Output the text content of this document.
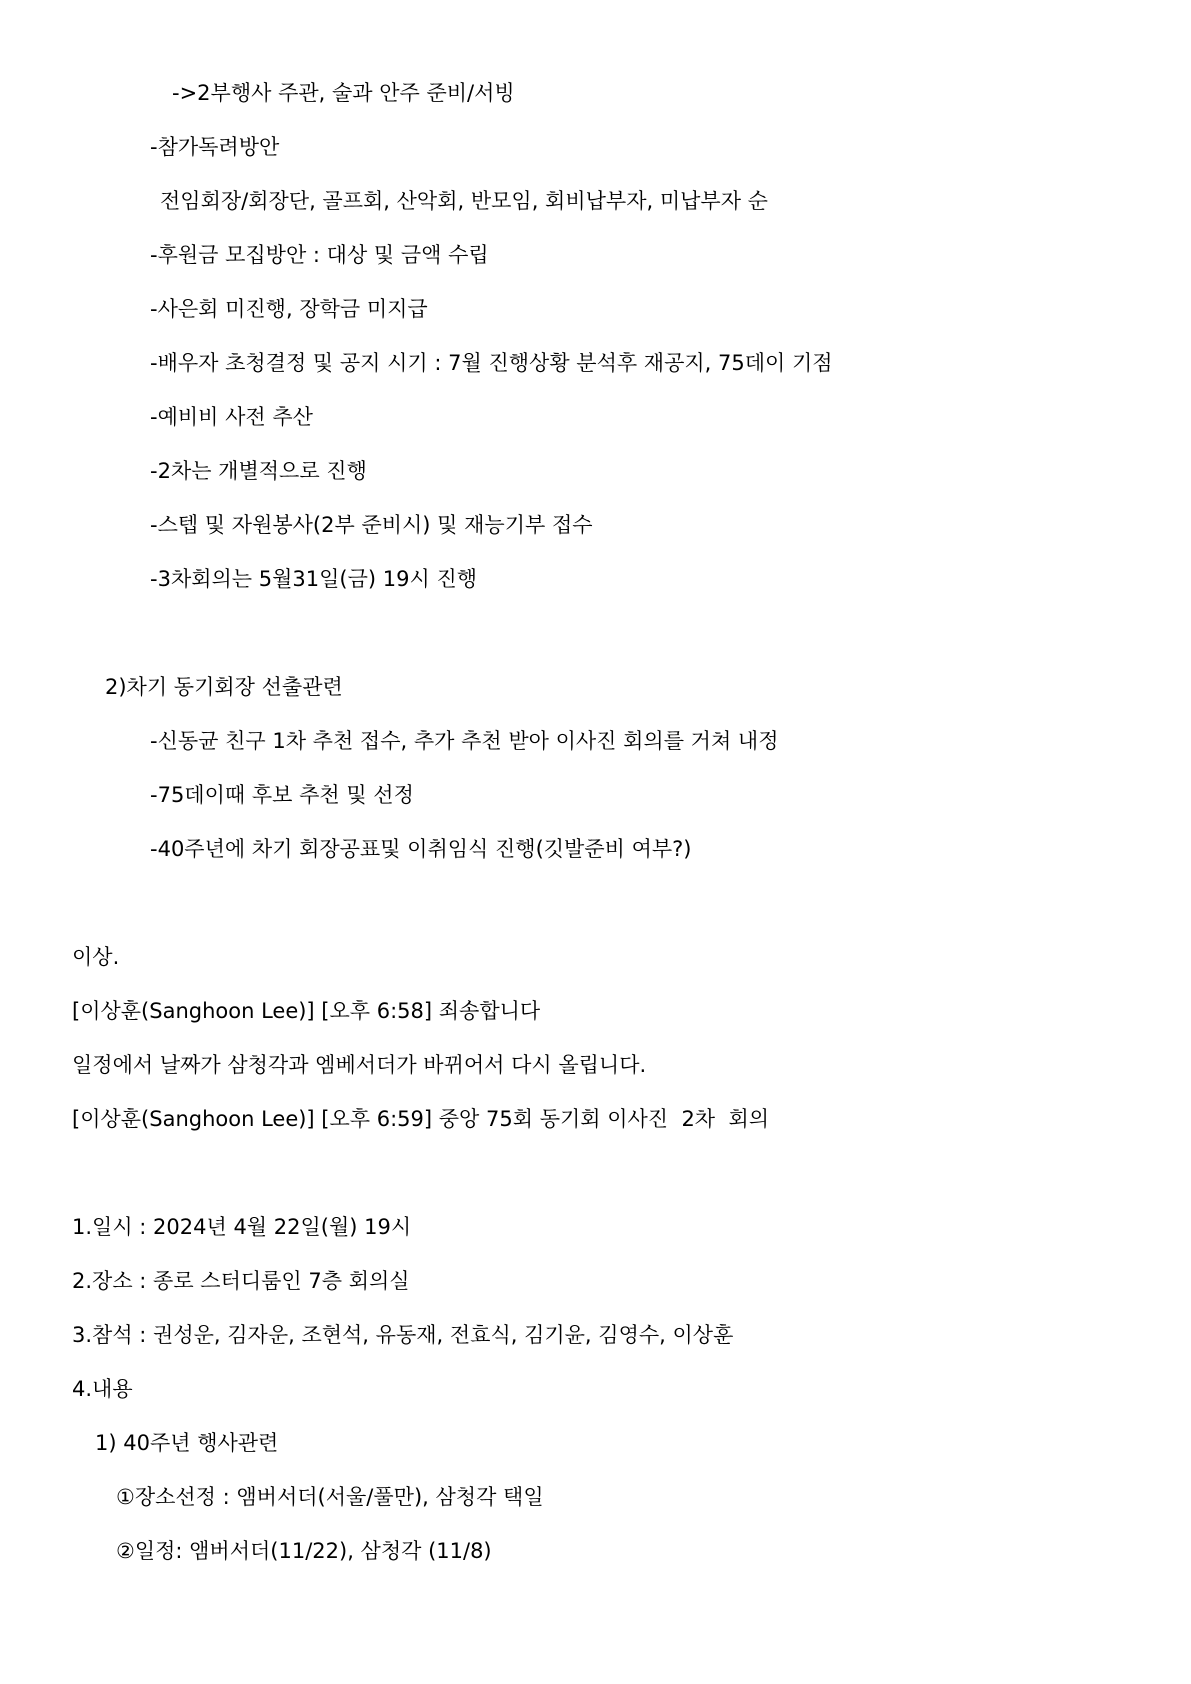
->2부행사 주관, 술과 안주 준비/서빙

-참가독려방안

전임회장/회장단, 골프회, 산악회, 반모임, 회비납부자, 미납부자 순

-후원금 모집방안 : 대상 및 금액 수립

-사은회 미진행, 장학금 미지급

-배우자 초청결정 및 공지 시기 : 7월 진행상황 분석후 재공지, 75데이 기점

-예비비 사전 추산

-2차는 개별적으로 진행

-스텝 및 자원봉사(2부 준비시) 및 재능기부 접수

-3차회의는 5월31일(금) 19시 진행

2)차기 동기회장 선출관련

-신동균 친구 1차 추천 접수, 추가 추천 받아 이사진 회의를 거쳐 내정

-75데이때 후보 추천 및 선정

-40주년에 차기 회장공표및 이취임식 진행(깃발준비 여부?)

이상.

[이상훈(Sanghoon Lee)] [오후 6:58] 죄송합니다

일정에서 날짜가 삼청각과 엠베서더가 바뀌어서 다시 올립니다.

[이상훈(Sanghoon Lee)] [오후 6:59] 중앙 75회 동기회 이사진  2차  회의

1.일시 : 2024년 4월 22일(월) 19시

2.장소 : 종로 스터디룸인 7층 회의실

3.참석 : 권성운, 김자운, 조현석, 유동재, 전효식, 김기윤, 김영수, 이상훈

4.내용

1) 40주년 행사관련

①장소선정 : 앰버서더(서울/풀만), 삼청각 택일

②일정: 앰버서더(11/22), 삼청각 (11/8)
